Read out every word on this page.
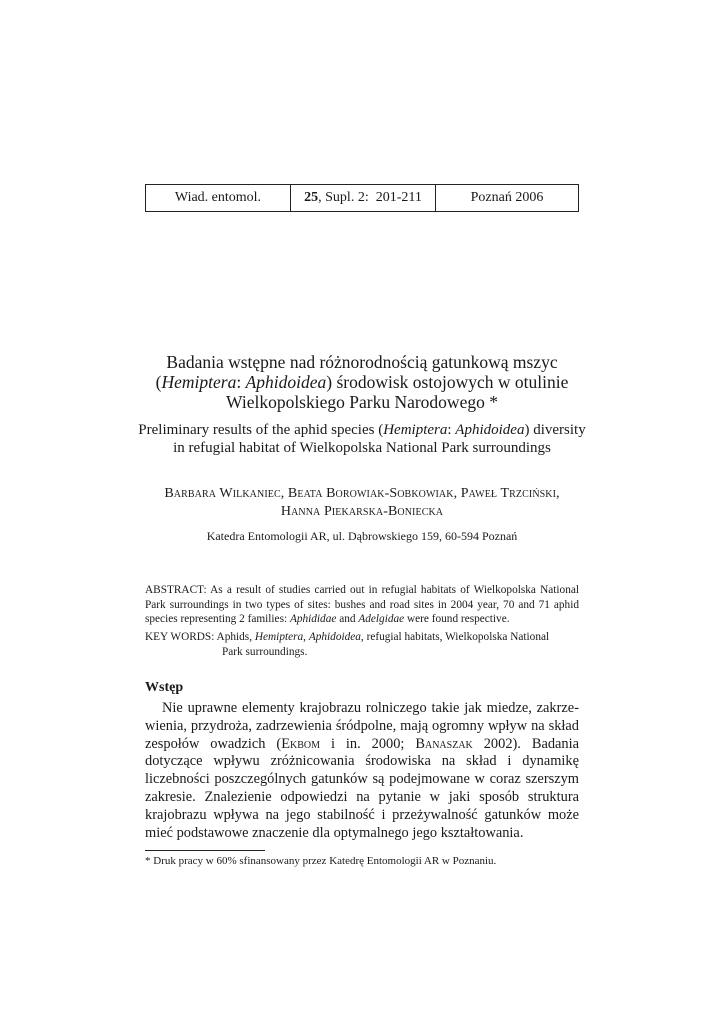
Wiad. entomol.	25, Supl. 2:  201-211	Poznań 2006
Badania wstępne nad różnorodnością gatunkową mszyc
(Hemiptera: Aphidoidea) środowisk ostojowych w otulinie
Wielkopolskiego Parku Narodowego *
Preliminary results of the aphid species (Hemiptera: Aphidoidea) diversity
in refugial habitat of Wielkopolska National Park surroundings
Barbara Wilkaniec, Beata Borowiak-Sobkowiak, Paweł Trzciński,
Hanna Piekarska-Boniecka
Katedra Entomologii AR, ul. Dąbrowskiego 159, 60-594 Poznań
ABSTRACT: As a result of studies carried out in refugial habitats of Wielkopolska National Park surroundings in two types of sites: bushes and road sites in 2004 year, 70 and 71 aphid species representing 2 families: Aphididae and Adelgidae were found respective.
KEY WORDS: Aphids, Hemiptera, Aphidoidea, refugial habitats, Wielkopolska National
Park surroundings.
Wstęp
Nie uprawne elementy krajobrazu rolniczego takie jak miedze, zakrzewienia, przydroża, zadrzewienia śródpolne, mają ogromny wpływ na skład zespołów owadzich (Ekbom i in. 2000; Banaszak 2002). Badania dotyczące wpływu zróżnicowania środowiska na skład i dynamikę liczebności poszczególnych gatunków są podejmowane w coraz szerszym zakresie. Znalezienie odpowiedzi na pytanie w jaki sposób struktura krajobrazu wpływa na jego stabilność i przeżywalność gatunków może mieć podstawowe znaczenie dla optymalnego jego kształtowania.
* Druk pracy w 60% sfinansowany przez Katedrę Entomologii AR w Poznaniu.
